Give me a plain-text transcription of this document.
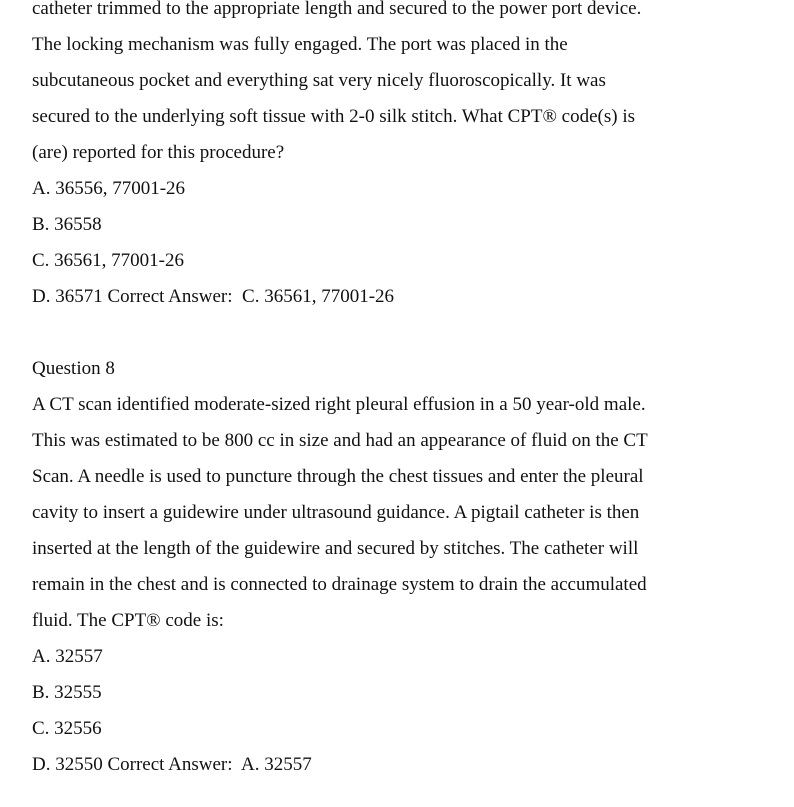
catheter trimmed to the appropriate length and secured to the power port device.
The locking mechanism was fully engaged. The port was placed in the
subcutaneous pocket and everything sat very nicely fluoroscopically. It was
secured to the underlying soft tissue with 2-0 silk stitch. What CPT® code(s) is
(are) reported for this procedure?
A. 36556, 77001-26
B. 36558
C. 36561, 77001-26
D. 36571 Correct Answer:  C. 36561, 77001-26
Question 8
A CT scan identified moderate-sized right pleural effusion in a 50 year-old male.
This was estimated to be 800 cc in size and had an appearance of fluid on the CT
Scan. A needle is used to puncture through the chest tissues and enter the pleural
cavity to insert a guidewire under ultrasound guidance. A pigtail catheter is then
inserted at the length of the guidewire and secured by stitches. The catheter will
remain in the chest and is connected to drainage system to drain the accumulated
fluid. The CPT® code is:
A. 32557
B. 32555
C. 32556
D. 32550 Correct Answer:  A. 32557
